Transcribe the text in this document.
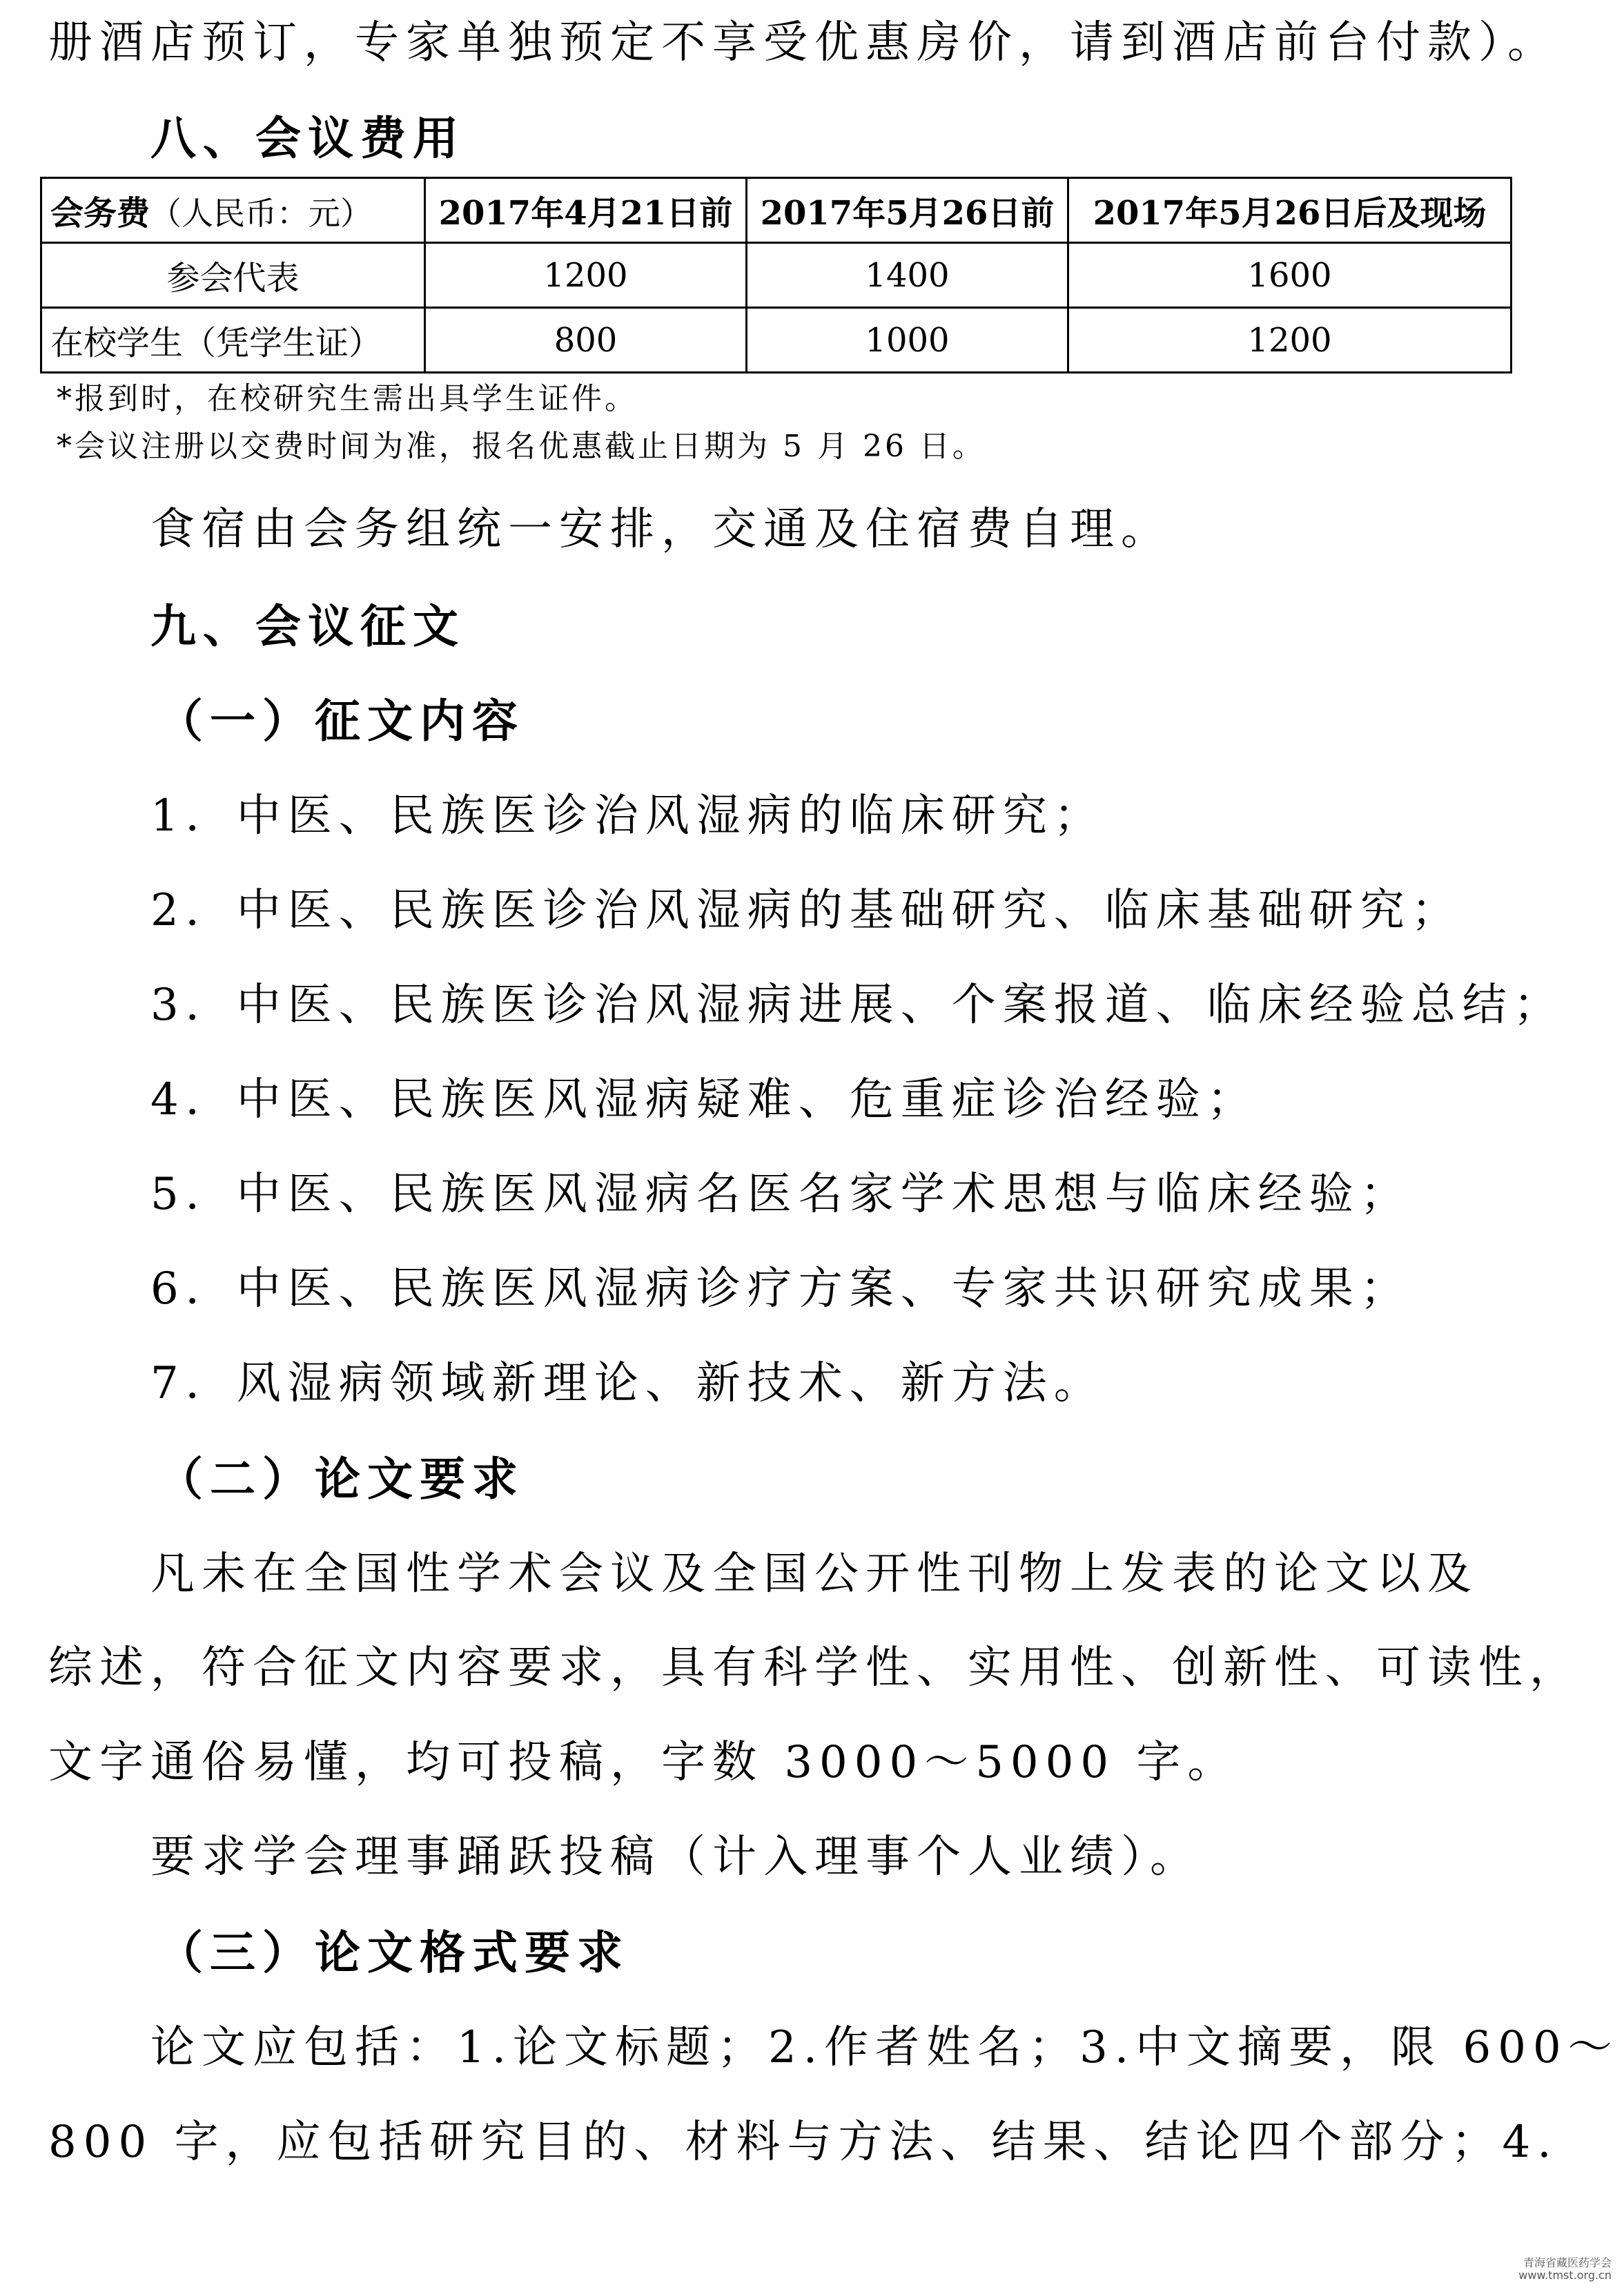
册酒店预订，专家单独预定不享受优惠房价，请到酒店前台付款）。
八、会议费用
会务费（人民币：元）	2017年4月21日前	2017年5月26日前	2017年5月26日后及现场
参会代表	1200	1400	1600
在校学生（凭学生证）	800	1000	1200
*报到时，在校研究生需出具学生证件。
*会议注册以交费时间为准，报名优惠截止日期为 5 月 26 日。
食宿由会务组统一安排，交通及住宿费自理。
九、会议征文
（一）征文内容
1．中医、民族医诊治风湿病的临床研究；
2．中医、民族医诊治风湿病的基础研究、临床基础研究；
3．中医、民族医诊治风湿病进展、个案报道、临床经验总结；
4．中医、民族医风湿病疑难、危重症诊治经验；
5．中医、民族医风湿病名医名家学术思想与临床经验；
6．中医、民族医风湿病诊疗方案、专家共识研究成果；
7．风湿病领域新理论、新技术、新方法。
（二）论文要求
凡未在全国性学术会议及全国公开性刊物上发表的论文以及
综述，符合征文内容要求，具有科学性、实用性、创新性、可读性，
文字通俗易懂，均可投稿，字数 3000～5000 字。
要求学会理事踊跃投稿（计入理事个人业绩）。
（三）论文格式要求
论文应包括：1.论文标题；2.作者姓名；3.中文摘要，限 600～
800 字，应包括研究目的、材料与方法、结果、结论四个部分；4.
青海省藏医药学会
www.tmst.org.cn
